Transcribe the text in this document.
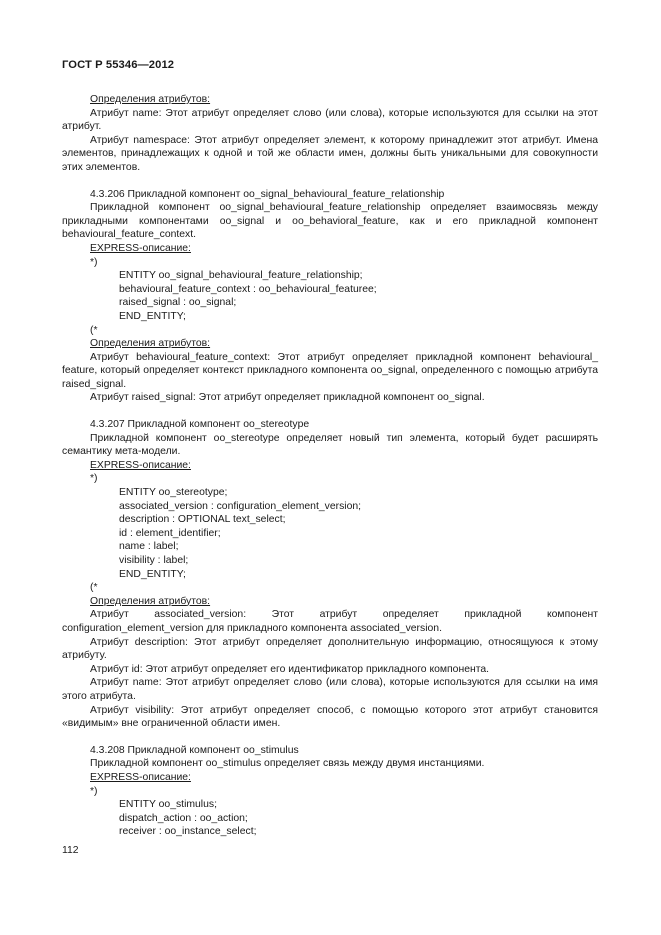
ГОСТ Р 55346—2012
Определения атрибутов:

Атрибут name: Этот атрибут определяет слово (или слова), которые используются для ссылки на этот атрибут.

Атрибут namespace: Этот атрибут определяет элемент, к которому принадлежит этот атрибут. Имена элементов, принадлежащих к одной и той же области имен, должны быть уникальными для совокупности этих элементов.

4.3.206 Прикладной компонент oo_signal_behavioural_feature_relationship

Прикладной компонент oo_signal_behavioural_feature_relationship определяет взаимосвязь между прикладными компонентами oo_signal и oo_behavioral_feature, как и его прикладной компонент behavioural_feature_context.

EXPRESS-описание:
*)
ENTITY oo_signal_behavioural_feature_relationship;
behavioural_feature_context : oo_behavioural_featuree;
raised_signal : oo_signal;
END_ENTITY;
(*
Определения атрибутов:

Атрибут behavioural_feature_context: Этот атрибут определяет прикладной компонент behavioural_ feature, который определяет контекст прикладного компонента oo_signal, определенного с помощью атрибута raised_signal.

Атрибут raised_signal: Этот атрибут определяет прикладной компонент oo_signal.

4.3.207 Прикладной компонент oo_stereotype

Прикладной компонент oo_stereotype определяет новый тип элемента, который будет расширять семантику мета-модели.

EXPRESS-описание:
*)
ENTITY oo_stereotype;
associated_version : configuration_element_version;
description : OPTIONAL text_select;
id : element_identifier;
name : label;
visibility : label;
END_ENTITY;
(*
Определения атрибутов:

Атрибут associated_version: Этот атрибут определяет прикладной компонент configuration_element_version для прикладного компонента associated_version.

Атрибут description: Этот атрибут определяет дополнительную информацию, относящуюся к этому атрибуту.

Атрибут id: Этот атрибут определяет его идентификатор прикладного компонента.

Атрибут name: Этот атрибут определяет слово (или слова), которые используются для ссылки на имя этого атрибута.

Атрибут visibility: Этот атрибут определяет способ, с помощью которого этот атрибут становится «видимым» вне ограниченной области имен.

4.3.208 Прикладной компонент oo_stimulus

Прикладной компонент oo_stimulus определяет связь между двумя инстанциями.

EXPRESS-описание:
*)
ENTITY oo_stimulus;
dispatch_action : oo_action;
receiver : oo_instance_select;
112
